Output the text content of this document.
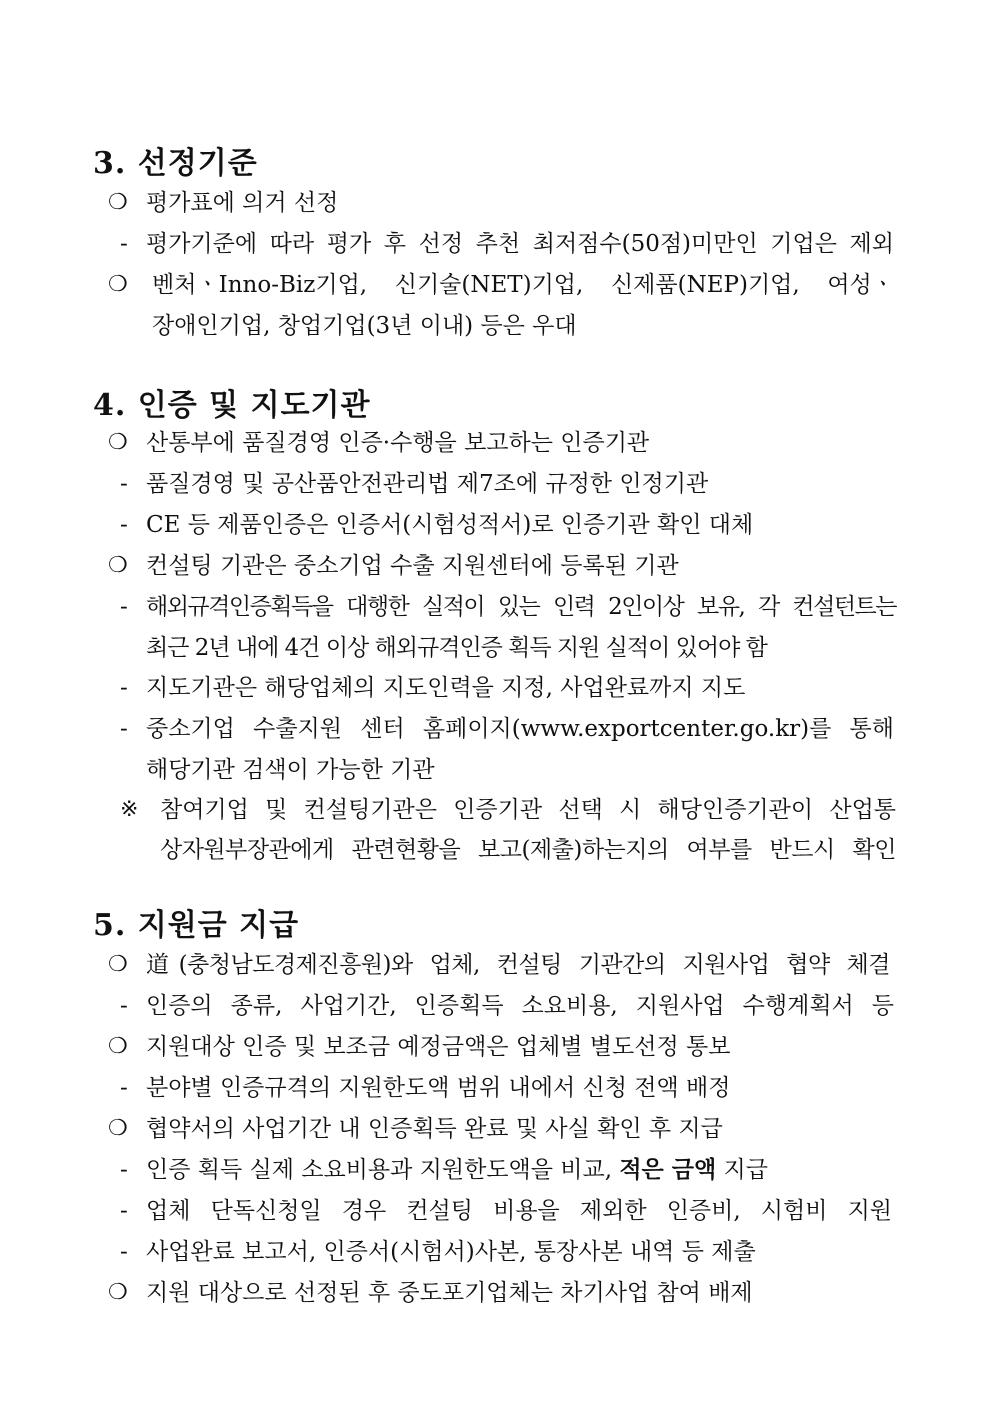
3. 선정기준
❍ 평가표에 의거 선정
- 평가기준에 따라 평가 후 선정 추천 최저점수(50점)미만인 기업은 제외
❍ 벤처ㆍInno-Biz기업, 신기술(NET)기업, 신제품(NEP)기업, 여성ㆍ
장애인기업, 창업기업(3년 이내) 등은 우대
4. 인증 및 지도기관
❍ 산통부에 품질경영 인증·수행을 보고하는 인증기관
- 품질경영 및 공산품안전관리법 제7조에 규정한 인정기관
- CE 등 제품인증은 인증서(시험성적서)로 인증기관 확인 대체
❍ 컨설팅 기관은 중소기업 수출 지원센터에 등록된 기관
- 해외규격인증획득을 대행한 실적이 있는 인력 2인이상 보유, 각 컨설턴트는
최근 2년 내에 4건 이상 해외규격인증 획득 지원 실적이 있어야 함
- 지도기관은 해당업체의 지도인력을 지정, 사업완료까지 지도
- 중소기업 수출지원 센터 홈페이지(www.exportcenter.go.kr)를 통해
해당기관 검색이 가능한 기관
※ 참여기업 및 컨설팅기관은 인증기관 선택 시 해당인증기관이 산업통
상자원부장관에게 관련현황을 보고(제출)하는지의 여부를 반드시 확인
5. 지원금 지급
❍ 道(충청남도경제진흥원)와 업체, 컨설팅 기관간의 지원사업 협약 체결
- 인증의 종류, 사업기간, 인증획득 소요비용, 지원사업 수행계획서 등
❍ 지원대상 인증 및 보조금 예정금액은 업체별 별도선정 통보
- 분야별 인증규격의 지원한도액 범위 내에서 신청 전액 배정
❍ 협약서의 사업기간 내 인증획득 완료 및 사실 확인 후 지급
- 인증 획득 실제 소요비용과 지원한도액을 비교, 적은 금액 지급
- 업체 단독신청일 경우 컨설팅 비용을 제외한 인증비, 시험비 지원
- 사업완료 보고서, 인증서(시험서)사본, 통장사본 내역 등 제출
❍ 지원 대상으로 선정된 후 중도포기업체는 차기사업 참여 배제
